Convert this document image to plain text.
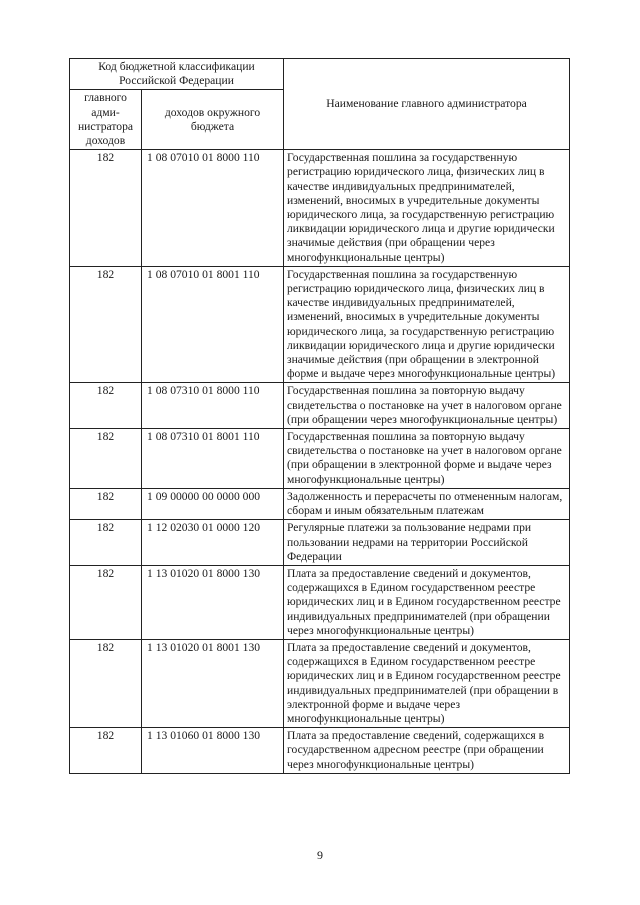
Код бюджетной классификации Российской Федерации		Наименование главного администратора
главного адми-нистратора доходов	доходов окружного бюджета	
182	1 08 07010 01 8000 110	Государственная пошлина за государственную регистрацию юридического лица, физических лиц в качестве индивидуальных предпринимателей, изменений, вносимых в учредительные документы юридического лица, за государственную регистрацию ликвидации юридического лица и другие юридически значимые действия (при обращении через многофункциональные центры)
182	1 08 07010 01 8001 110	Государственная пошлина за государственную регистрацию юридического лица, физических лиц в качестве индивидуальных предпринимателей, изменений, вносимых в учредительные документы юридического лица, за государственную регистрацию ликвидации юридического лица и другие юридически значимые действия (при обращении в электронной форме и выдаче через многофункциональные центры)
182	1 08 07310 01 8000 110	Государственная пошлина за повторную выдачу свидетельства о постановке на учет в налоговом органе (при обращении через многофункциональные центры)
182	1 08 07310 01 8001 110	Государственная пошлина за повторную выдачу свидетельства о постановке на учет в налоговом органе (при обращении в электронной форме и выдаче через многофункциональные центры)
182	1 09 00000 00 0000 000	Задолженность и перерасчеты по отмененным налогам, сборам и иным обязательным платежам
182	1 12 02030 01 0000 120	Регулярные платежи за пользование недрами при пользовании недрами на территории Российской Федерации
182	1 13 01020 01 8000 130	Плата за предоставление сведений и документов, содержащихся в Едином государственном реестре юридических лиц и в Едином государственном реестре индивидуальных предпринимателей (при обращении через многофункциональные центры)
182	1 13 01020 01 8001 130	Плата за предоставление сведений и документов, содержащихся в Едином государственном реестре юридических лиц и в Едином государственном реестре индивидуальных предпринимателей (при обращении в электронной форме и выдаче через многофункциональные центры)
182	1 13 01060 01 8000 130	Плата за предоставление сведений, содержащихся в государственном адресном реестре (при обращении через многофункциональные центры)
9
